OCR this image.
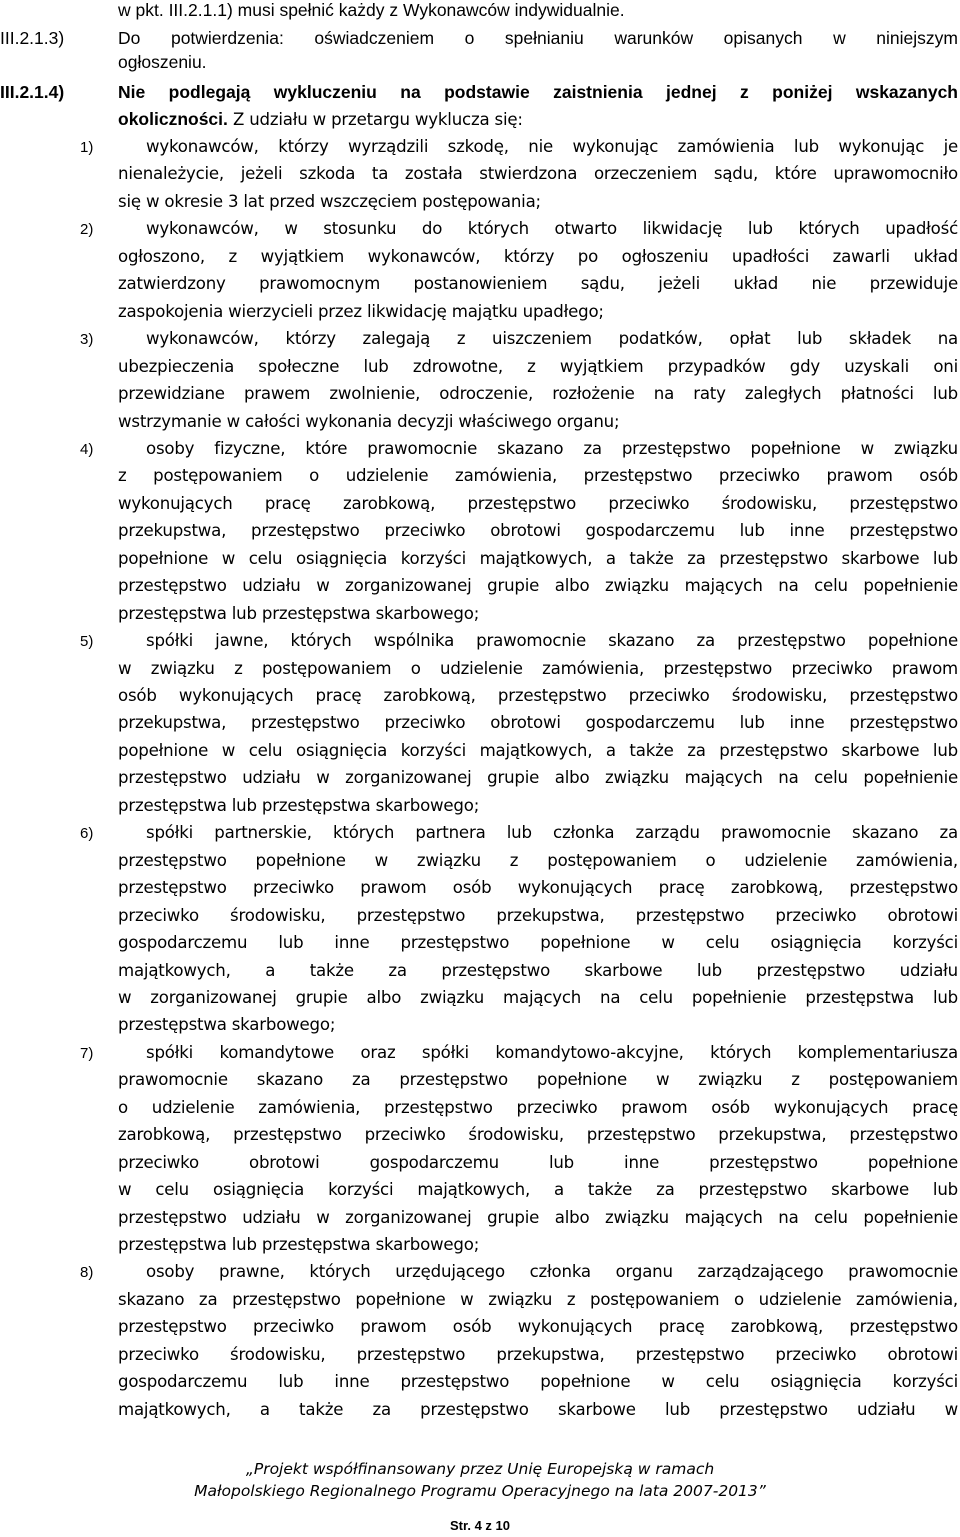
w pkt. III.2.1.1) musi spełnić każdy z Wykonawców indywidualnie.
III.2.1.3)	Do potwierdzenia: oświadczeniem o spełnianiu warunków opisanych w niniejszym
ogłoszeniu.
III.2.1.4)	Nie podlegają wykluczeniu na podstawie zaistnienia jednej z poniżej wskazanych
okoliczności. Z udziału w przetargu wyklucza się:
1)	wykonawców, którzy wyrządzili szkodę, nie wykonując zamówienia lub wykonując je
nienależycie, jeżeli szkoda ta została stwierdzona orzeczeniem sądu, które uprawomocniło
się w okresie 3 lat przed wszczęciem postępowania;
2)	wykonawców, w stosunku do których otwarto likwidację lub których upadłość
ogłoszono, z wyjątkiem wykonawców, którzy po ogłoszeniu upadłości zawarli układ
zatwierdzony prawomocnym postanowieniem sądu, jeżeli układ nie przewiduje
zaspokojenia wierzycieli przez likwidację majątku upadłego;
3)	wykonawców, którzy zalegają z uiszczeniem podatków, opłat lub składek na
ubezpieczenia społeczne lub zdrowotne, z wyjątkiem przypadków gdy uzyskali oni
przewidziane prawem zwolnienie, odroczenie, rozłożenie na raty zaległych płatności lub
wstrzymanie w całości wykonania decyzji właściwego organu;
4)	osoby fizyczne, które prawomocnie skazano za przestępstwo popełnione w związku
z postępowaniem o udzielenie zamówienia, przestępstwo przeciwko prawom osób
wykonujących pracę zarobkową, przestępstwo przeciwko środowisku, przestępstwo
przekupstwa, przestępstwo przeciwko obrotowi gospodarczemu lub inne przestępstwo
popełnione w celu osiągnięcia korzyści majątkowych, a także za przestępstwo skarbowe lub
przestępstwo udziału w zorganizowanej grupie albo związku mających na celu popełnienie
przestępstwa lub przestępstwa skarbowego;
5)	spółki jawne, których wspólnika prawomocnie skazano za przestępstwo popełnione
w związku z postępowaniem o udzielenie zamówienia, przestępstwo przeciwko prawom
osób wykonujących pracę zarobkową, przestępstwo przeciwko środowisku, przestępstwo
przekupstwa, przestępstwo przeciwko obrotowi gospodarczemu lub inne przestępstwo
popełnione w celu osiągnięcia korzyści majątkowych, a także za przestępstwo skarbowe lub
przestępstwo udziału w zorganizowanej grupie albo związku mających na celu popełnienie
przestępstwa lub przestępstwa skarbowego;
6)	spółki partnerskie, których partnera lub członka zarządu prawomocnie skazano za
przestępstwo popełnione w związku z postępowaniem o udzielenie zamówienia,
przestępstwo przeciwko prawom osób wykonujących pracę zarobkową, przestępstwo
przeciwko środowisku, przestępstwo przekupstwa, przestępstwo przeciwko obrotowi
gospodarczemu lub inne przestępstwo popełnione w celu osiągnięcia korzyści
majątkowych, a także za przestępstwo skarbowe lub przestępstwo udziału
w zorganizowanej grupie albo związku mających na celu popełnienie przestępstwa lub
przestępstwa skarbowego;
7)	spółki komandytowe oraz spółki komandytowo-akcyjne, których komplementariusza
prawomocnie skazano za przestępstwo popełnione w związku z postępowaniem
o udzielenie zamówienia, przestępstwo przeciwko prawom osób wykonujących pracę
zarobkową, przestępstwo przeciwko środowisku, przestępstwo przekupstwa, przestępstwo
przeciwko obrotowi gospodarczemu lub inne przestępstwo popełnione
w celu osiągnięcia korzyści majątkowych, a także za przestępstwo skarbowe lub
przestępstwo udziału w zorganizowanej grupie albo związku mających na celu popełnienie
przestępstwa lub przestępstwa skarbowego;
8)	osoby prawne, których urzędującego członka organu zarządzającego prawomocnie
skazano za przestępstwo popełnione w związku z postępowaniem o udzielenie zamówienia,
przestępstwo przeciwko prawom osób wykonujących pracę zarobkową, przestępstwo
przeciwko środowisku, przestępstwo przekupstwa, przestępstwo przeciwko obrotowi
gospodarczemu lub inne przestępstwo popełnione w celu osiągnięcia korzyści
majątkowych, a także za przestępstwo skarbowe lub przestępstwo udziału w
„Projekt współfinansowany przez Unię Europejską w ramach
Małopolskiego Regionalnego Programu Operacyjnego na lata 2007-2013”
Str. 4 z 10
